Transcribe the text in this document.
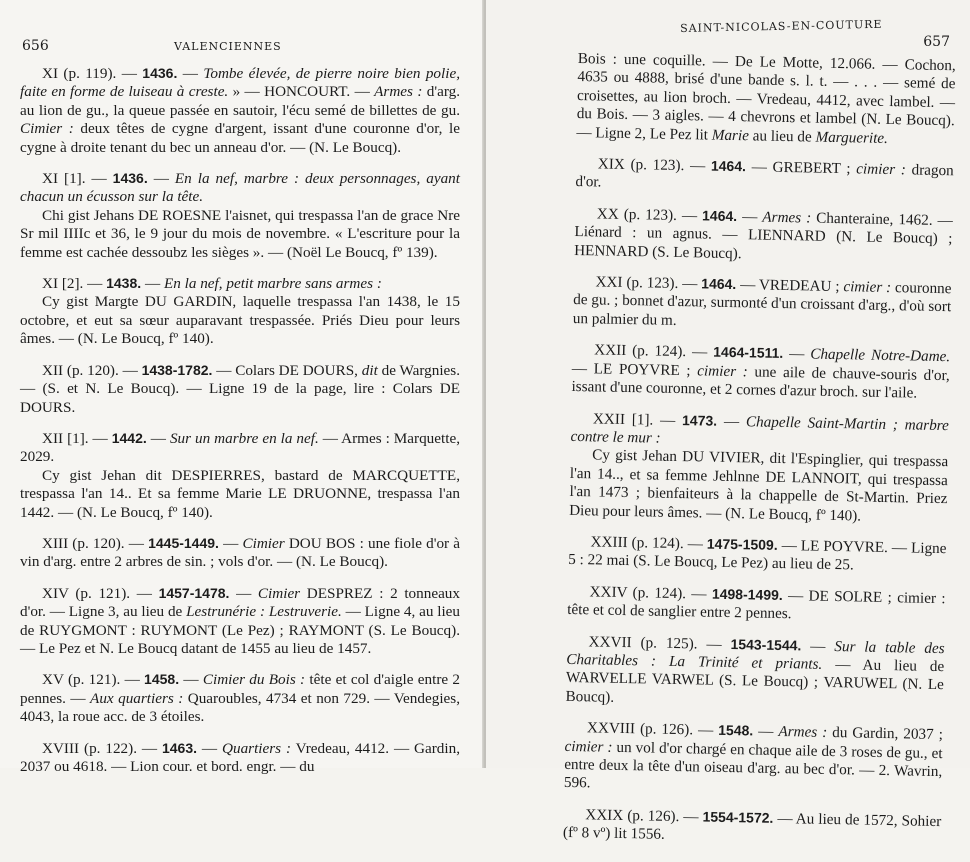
656	VALENCIENNES

XI (p. 119). — 1436. — Tombe élevée, de pierre noire bien polie, faite en forme de luiseau à creste. » — HONCOURT. — Armes : d'arg. au lion de gu., la queue passée en sautoir, l'écu semé de billettes de gu. Cimier : deux têtes de cygne d'argent, issant d'une couronne d'or, le cygne à droite tenant du bec un anneau d'or. — (N. Le Boucq).

XI [1]. — 1436. — En la nef, marbre : deux personnages, ayant chacun un écusson sur la tête.

Chi gist Jehans DE ROESNE l'aisnet, qui trespassa l'an de grace Nre Sr mil IIIIc et 36, le 9 jour du mois de novembre. « L'escriture pour la femme est cachée dessoubz les sièges ». — (Noël Le Boucq, fº 139).

XI [2]. — 1438. — En la nef, petit marbre sans armes :

Cy gist Margte DU GARDIN, laquelle trespassa l'an 1438, le 15 octobre, et eut sa sœur auparavant trespassée. Priés Dieu pour leurs âmes. — (N. Le Boucq, fº 140).

XII (p. 120). — 1438-1782. — Colars DE DOURS, dit de Wargnies. — (S. et N. Le Boucq). — Ligne 19 de la page, lire : Colars DE DOURS.

XII [1]. — 1442. — Sur un marbre en la nef. — Armes : Marquette, 2029.

Cy gist Jehan dit DESPIERRES, bastard de MARCQUETTE, trespassa l'an 14.. Et sa femme Marie LE DRUONNE, trespassa l'an 1442. — (N. Le Boucq, fº 140).

XIII (p. 120). — 1445-1449. — Cimier DOU BOS : une fiole d'or à vin d'arg. entre 2 arbres de sin. ; vols d'or. — (N. Le Boucq).

XIV (p. 121). — 1457-1478. — Cimier DESPREZ : 2 tonneaux d'or. — Ligne 3, au lieu de Lestrunérie : Lestruverie. — Ligne 4, au lieu de RUYGMONT : RUYMONT (Le Pez) ; RAYMONT (S. Le Boucq). — Le Pez et N. Le Boucq datant de 1455 au lieu de 1457.

XV (p. 121). — 1458. — Cimier du Bois : tête et col d'aigle entre 2 pennes. — Aux quartiers : Quaroubles, 4734 et non 729. — Vendegies, 4043, la roue acc. de 3 étoiles.

XVIII (p. 122). — 1463. — Quartiers : Vredeau, 4412. — Gardin, 2037 ou 4618. — Lion cour. et bord. engr. — du

SAINT-NICOLAS-EN-COUTURE
657

Bois : une coquille. — De Le Motte, 12.066. — Cochon, 4635 ou 4888, brisé d'une bande s. l. t. — . . . — semé de croisettes, au lion broch. — Vredeau, 4412, avec lambel. — du Bois. — 3 aigles. — 4 chevrons et lambel (N. Le Boucq). — Ligne 2, Le Pez lit Marie au lieu de Marguerite.

XIX (p. 123). — 1464. — GREBERT ; cimier : dragon d'or.

XX (p. 123). — 1464. — Armes : Chanteraine, 1462. — Liénard : un agnus. — LIENNARD (N. Le Boucq) ; HENNARD (S. Le Boucq).

XXI (p. 123). — 1464. — VREDEAU ; cimier : couronne de gu. ; bonnet d'azur, surmonté d'un croissant d'arg., d'où sort un palmier du m.

XXII (p. 124). — 1464-1511. — Chapelle Notre-Dame. — LE POYVRE ; cimier : une aile de chauve-souris d'or, issant d'une couronne, et 2 cornes d'azur broch. sur l'aile.

XXII [1]. — 1473. — Chapelle Saint-Martin ; marbre contre le mur :

Cy gist Jehan DU VIVIER, dit l'Espinglier, qui trespassa l'an 14.., et sa femme Jehlnne DE LANNOIT, qui trespassa l'an 1473 ; bienfaiteurs à la chappelle de St-Martin. Priez Dieu pour leurs âmes. — (N. Le Boucq, fº 140).

XXIII (p. 124). — 1475-1509. — LE POYVRE. — Ligne 5 : 22 mai (S. Le Boucq, Le Pez) au lieu de 25.

XXIV (p. 124). — 1498-1499. — DE SOLRE ; cimier : tête et col de sanglier entre 2 pennes.

XXVII (p. 125). — 1543-1544. — Sur la table des Charitables : La Trinité et priants. — Au lieu de WARVELLE VARWEL (S. Le Boucq) ; VARUWEL (N. Le Boucq).

XXVIII (p. 126). — 1548. — Armes : du Gardin, 2037 ; cimier : un vol d'or chargé en chaque aile de 3 roses de gu., et entre deux la tête d'un oiseau d'arg. au bec d'or. — 2. Wavrin, 596.

XXIX (p. 126). — 1554-1572. — Au lieu de 1572, Sohier (fº 8 vº) lit 1556.
